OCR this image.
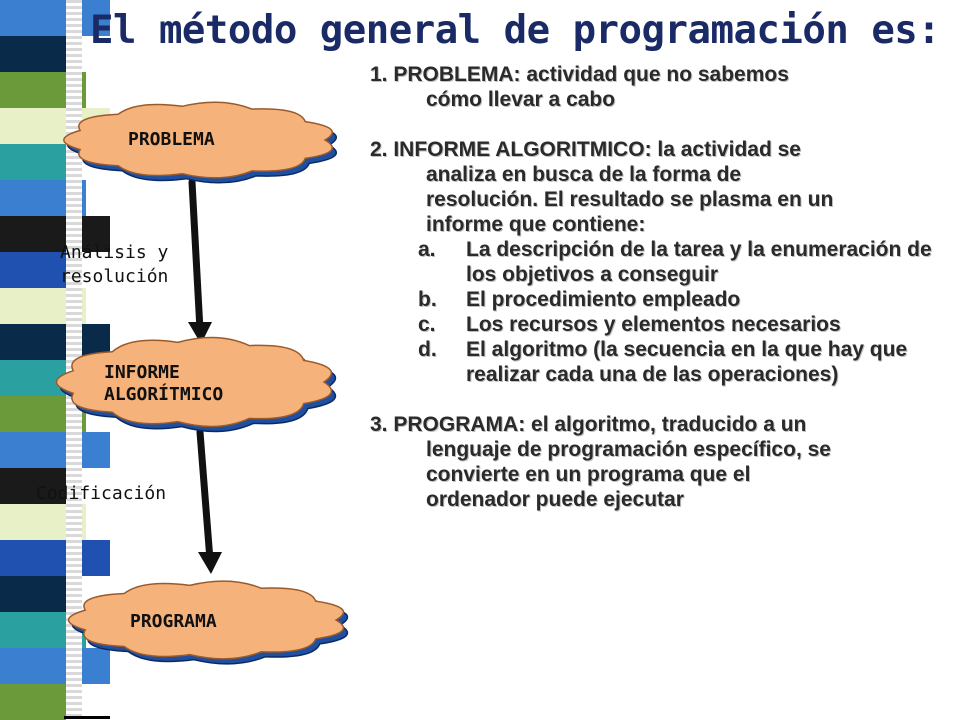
El método general de programación es:
PROBLEMA
INFORME
ALGORÍTMICO
PROGRAMA
Análisis y
resolución
Codificación
1. PROBLEMA: actividad que no sabemos
cómo llevar a cabo
2. INFORME ALGORITMICO: la actividad se
analiza en busca de la forma de
resolución. El resultado se plasma en un
informe que contiene:
a.	La descripción de la tarea y la enumeración de los objetivos a conseguir
b.	El procedimiento empleado
c.	Los recursos y elementos necesarios
d.	El algoritmo (la secuencia en la que hay que realizar cada una de las operaciones)
3. PROGRAMA: el algoritmo, traducido a un
lenguaje de programación específico, se
convierte en un programa que el
ordenador puede ejecutar
